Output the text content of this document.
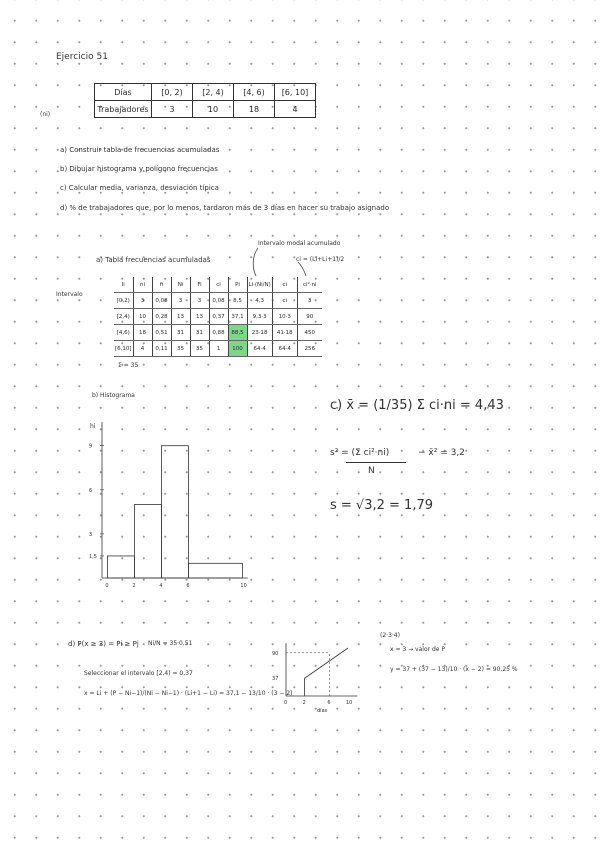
Ejercicio 51
(ni)
Días	[0, 2)	[2, 4)	[4, 6)	[6, 10]
Trabajadores	3	10	18	4
a) Construir tabla de frecuencias acumuladas
b) Dibujar histograma y polígono frecuencias
c) Calcular media, varianza, desviación típica
d) % de trabajadores que, por lo menos, tardaron más de 3 días en hacer su trabajo asignado
a) Tabla frecuencias acumuladas
Intervalo modal acumulado
ci = (Li+Li+1)/2
Intervalo
Ii	ni	fi	Ni	Fi	ci	Pi	Li·(Ni/N)	ci	ci²·ni
[0,2)	3	0,08	3	3	0,08	8,5	4,3	ci	3
[2,4)	10	0,28	13	13	0,37	37,1	9,3·3	10·3	90
[4,6)	18	0,51	31	31	0,88	88,5	23·18	41·18	450
[6,10]	4	0,11	35	35	1	100	64·4	64·4	256
Σ = 35
b) Histograma
hi
9
6
3
1,5
0	2	4	6	10
c) x̄ = (1/35) Σ ci·ni = 4,43
s² = (Σ ci²·ni)	− x̄² = 3,2
N
s = √3,2 = 1,79
d) P(x ≥ 3) = Pi ≥ Pj Ni/N = 35·0,51
Seleccionar el intervalo [2,4) = 0,37
x = Li + (P − Ni−1)/(Ni − Ni−1) · (Li+1 − Li) = 37,1 − 13/10 · (3 − 2)
90
37
0	2	6	10
días
(2·3·4)
x = 3 → valor de P
y = 37 + (37 − 13)/10 · (x − 2) = 90,25 %
